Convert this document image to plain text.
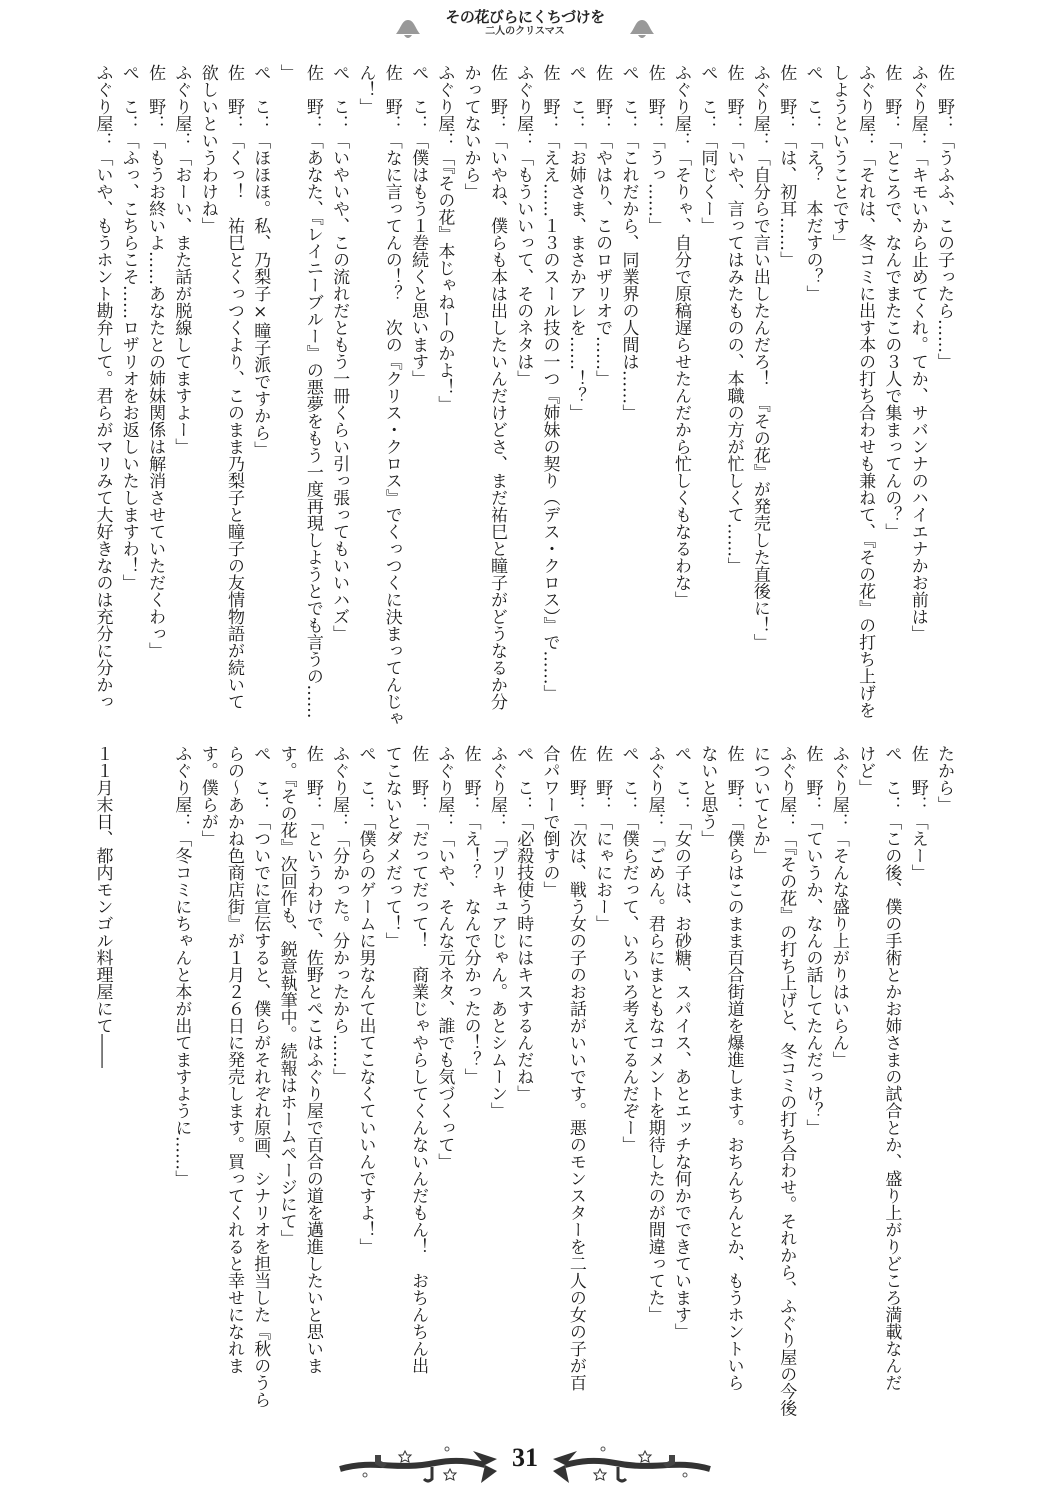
その花びらにくちづけを
二人のクリスマス
佐　野：「うふふ、この子ったら……」
ふぐり屋：「キモいから止めてくれ。てか、サバンナのハイエナかお前は」
佐　野：「ところで、なんでまたこの３人で集まってんの？」
ふぐり屋：「それは、冬コミに出す本の打ち合わせも兼ねて、『その花』の打ち上げを
しようということです」
ぺ　こ：「え？　本だすの？」
佐　野：「は、初耳……」
ふぐり屋：「自分らで言い出したんだろ！　『その花』が発売した直後に！」
佐　野：「いや、言ってはみたものの、本職の方が忙しくて……」
ぺ　こ：「同じくー」
ふぐり屋：「そりゃ、自分で原稿遅らせたんだから忙しくもなるわな」
佐　野：「うっ……」
ぺ　こ：「これだから、同業界の人間は……」
佐　野：「やはり、このロザリオで……」
ぺ　こ：「お姉さま、まさかアレを……！？」
佐　野：「ええ……１３のスール技の一つ『姉妹の契り（デス・クロス）』で……」
ふぐり屋：「もういいって、そのネタは」
佐　野：「いやね、僕らも本は出したいんだけどさ、まだ祐巳と瞳子がどうなるか分
かってないから」
ふぐり屋：「『その花』本じゃねーのかよ！」
ぺ　こ：「僕はもう１巻続くと思います」
佐　野：「なに言ってんの！？　次の『クリス・クロス』でくっつくに決まってんじゃ
ん！」
ぺ　こ：「いやいや、この流れだともう一冊くらい引っ張ってもいいハズ」
佐　野：「あなた、『レイニーブルー』の悪夢をもう一度再現しようとでも言うの……
」
ぺ　こ：「ほほほ。私、乃梨子×瞳子派ですから」
佐　野：「くっ！　祐巳とくっつくより、このまま乃梨子と瞳子の友情物語が続いて
欲しいというわけね」
ふぐり屋：「おーい、また話が脱線してますよー」
佐　野：「もうお終いよ……あなたとの姉妹関係は解消させていただくわっ」
ぺ　こ：「ふっ、こちらこそ……ロザリオをお返しいたしますわ！」
ふぐり屋：「いや、もうホント勘弁して。君らがマリみて大好きなのは充分に分かっ
たから」
佐　野：「えー」
ぺ　こ：「この後、僕の手術とかお姉さまの試合とか、盛り上がりどころ満載なんだ
けど」
ふぐり屋：「そんな盛り上がりはいらん」
佐　野：「ていうか、なんの話してたんだっけ？」
ふぐり屋：「『その花』の打ち上げと、冬コミの打ち合わせ。それから、ふぐり屋の今後
についてとか」
佐　野：「僕らはこのまま百合街道を爆進します。おちんちんとか、もうホントいら
ないと思う」
ぺ　こ：「女の子は、お砂糖、スパイス、あとエッチな何かでできています」
ふぐり屋：「ごめん。君らにまともなコメントを期待したのが間違ってた」
ぺ　こ：「僕らだって、いろいろ考えてるんだぞー」
佐　野：「にゃにおー」
佐　野：「次は、戦う女の子のお話がいいです。悪のモンスターを二人の女の子が百
合パワーで倒すの」
ぺ　こ：「必殺技使う時にはキスするんだね」
ふぐり屋：「プリキュアじゃん。あとシムーン」
佐　野：「え！？　なんで分かったの！？」
ふぐり屋：「いや、そんな元ネタ、誰でも気づくって」
佐　野：「だってだって！　商業じゃやらしてくんないんだもん！　おちんちん出
てこないとダメだって！」
ぺ　こ：「僕らのゲームに男なんて出てこなくていいんですよ！」
ふぐり屋：「分かった。分かったから……」
佐　野：「というわけで、佐野とぺこはふぐり屋で百合の道を邁進したいと思いま
す。『その花』次回作も、鋭意執筆中。続報はホームページにて」
ぺ　こ：「ついでに宣伝すると、僕らがそれぞれ原画、シナリオを担当した『秋のうら
らの～あかね色商店街』が１月２６日に発売します。買ってくれると幸せになれま
す。僕らが」
ふぐり屋：「冬コミにちゃんと本が出てますように……」

１１月末日、都内モンゴル料理屋にて――
31
